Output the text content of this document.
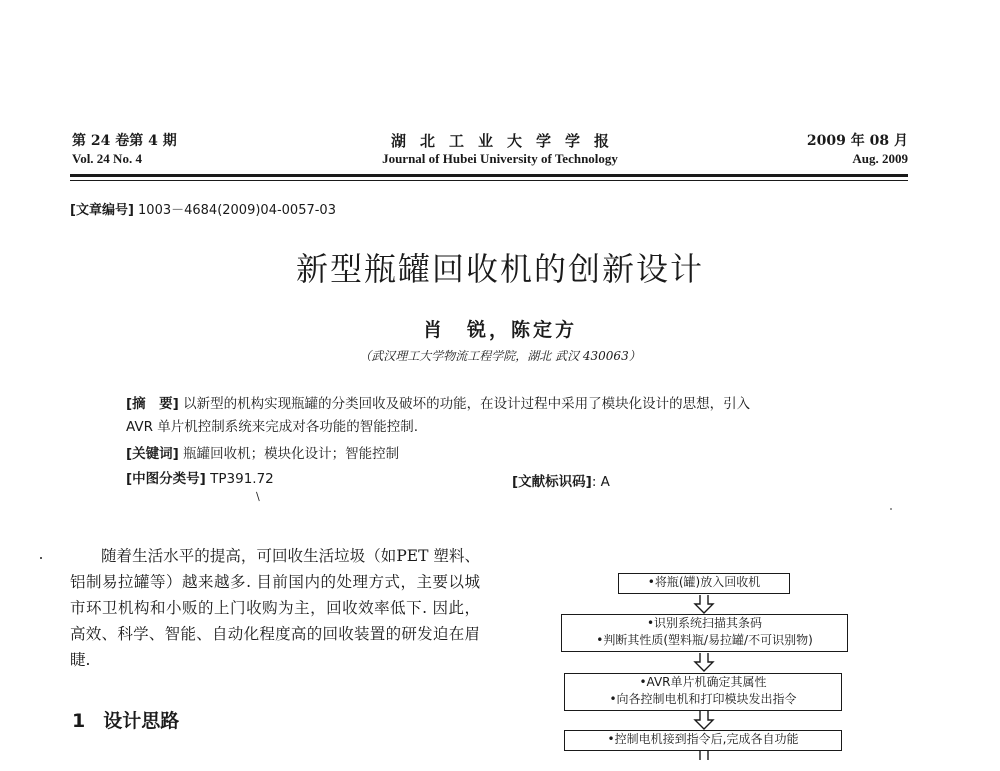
第 24 卷第 4 期
Vol. 24 No. 4
湖北工业大学学报
Journal of Hubei University of Technology
2009 年 08 月
Aug. 2009
[文章编号] 1003－4684(2009)04-0057-03
新型瓶罐回收机的创新设计
肖　锐，陈定方
（武汉理工大学物流工程学院，湖北 武汉 430063）
[摘　要] 以新型的机构实现瓶罐的分类回收及破坏的功能，在设计过程中采用了模块化设计的思想，引入
AVR 单片机控制系统来完成对各功能的智能控制.
[关键词] 瓶罐回收机；模块化设计；智能控制
[中图分类号] TP391.72	[文献标识码]: A
/
随着生活水平的提高，可回收生活垃圾（如PET 塑料、铝制易拉罐等）越来越多. 目前国内的处理方式，主要以城市环卫机构和小贩的上门收购为主，回收效率低下. 因此，高效、科学、智能、自动化程度高的回收装置的研发迫在眉睫.
1 设计思路
•将瓶(罐)放入回收机
•识别系统扫描其条码
•判断其性质(塑料瓶/易拉罐/不可识别物)
•AVR单片机确定其属性
•向各控制电机和打印模块发出指令
•控制电机接到指令后,完成各自功能
